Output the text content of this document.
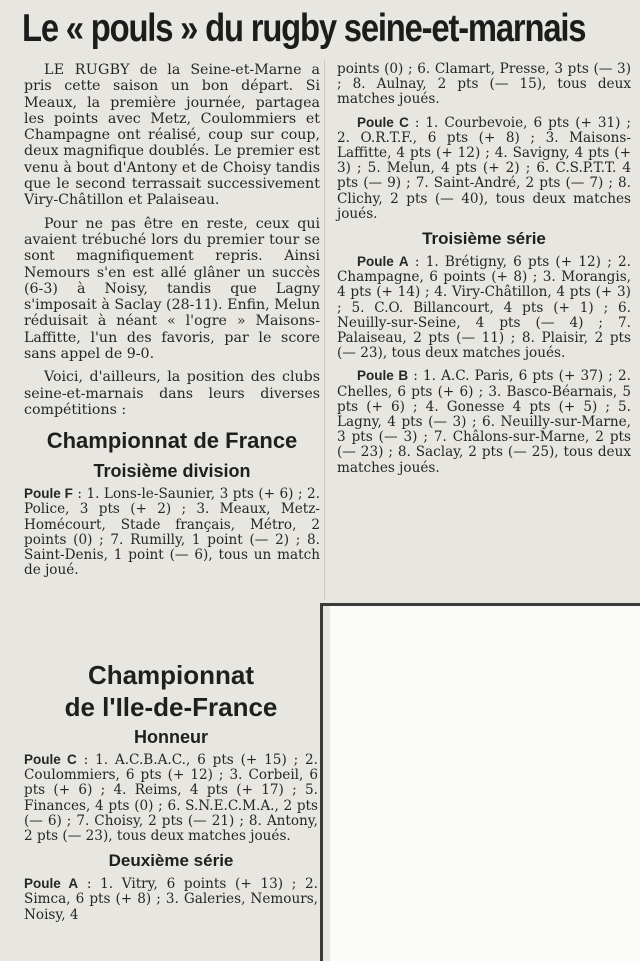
Le « pouls » du rugby seine-et-marnais

LE RUGBY de la Seine-et-Marne a pris cette saison un bon départ. Si Meaux, la première journée, partagea les points avec Metz, Coulommiers et Champagne ont réalisé, coup sur coup, deux magnifique doublés. Le premier est venu à bout d'Antony et de Choisy tandis que le second terrassait successivement Viry-Châtillon et Palaiseau.

Pour ne pas être en reste, ceux qui avaient trébuché lors du premier tour se sont magnifiquement repris. Ainsi Nemours s'en est allé glâner un succès (6-3) à Noisy, tandis que Lagny s'imposait à Saclay (28-11). Enfin, Melun réduisait à néant « l'ogre » Maisons-Laffitte, l'un des favoris, par le score sans appel de 9-0.

Voici, d'ailleurs, la position des clubs seine-et-marnais dans leurs diverses compétitions :

Championnat de France
Troisième division

Poule F : 1. Lons-le-Saunier, 3 pts (+ 6) ; 2. Police, 3 pts (+ 2) ; 3. Meaux, Metz-Homécourt, Stade français, Métro, 2 points (0) ; 7. Rumilly, 1 point (— 2) ; 8. Saint-Denis, 1 point (— 6), tous un match de joué.

Championnat
de l'Ile-de-France
Honneur

Poule C : 1. A.C.B.A.C., 6 pts (+ 15) ; 2. Coulommiers, 6 pts (+ 12) ; 3. Corbeil, 6 pts (+ 6) ; 4. Reims, 4 pts (+ 17) ; 5. Finances, 4 pts (0) ; 6. S.N.E.C.M.A., 2 pts (— 6) ; 7. Choisy, 2 pts (— 21) ; 8. Antony, 2 pts (— 23), tous deux matches joués.

Deuxième série

Poule A : 1. Vitry, 6 points (+ 13) ; 2. Simca, 6 pts (+ 8) ; 3. Galeries, Nemours, Noisy, 4

points (0) ; 6. Clamart, Presse, 3 pts (— 3) ; 8. Aulnay, 2 pts (— 15), tous deux matches joués.

Poule C : 1. Courbevoie, 6 pts (+ 31) ; 2. O.R.T.F., 6 pts (+ 8) ; 3. Maisons-Laffitte, 4 pts (+ 12) ; 4. Savigny, 4 pts (+ 3) ; 5. Melun, 4 pts (+ 2) ; 6. C.S.P.T.T. 4 pts (— 9) ; 7. Saint-André, 2 pts (— 7) ; 8. Clichy, 2 pts (— 40), tous deux matches joués.

Troisième série

Poule A : 1. Brétigny, 6 pts (+ 12) ; 2. Champagne, 6 points (+ 8) ; 3. Morangis, 4 pts (+ 14) ; 4. Viry-Châtillon, 4 pts (+ 3) ; 5. C.O. Billancourt, 4 pts (+ 1) ; 6. Neuilly-sur-Seine, 4 pts (— 4) ; 7. Palaiseau, 2 pts (— 11) ; 8. Plaisir, 2 pts (— 23), tous deux matches joués.

Poule B : 1. A.C. Paris, 6 pts (+ 37) ; 2. Chelles, 6 pts (+ 6) ; 3. Basco-Béarnais, 5 pts (+ 6) ; 4. Gonesse 4 pts (+ 5) ; 5. Lagny, 4 pts (— 3) ; 6. Neuilly-sur-Marne, 3 pts (— 3) ; 7. Châlons-sur-Marne, 2 pts (— 23) ; 8. Saclay, 2 pts (— 25), tous deux matches joués.
